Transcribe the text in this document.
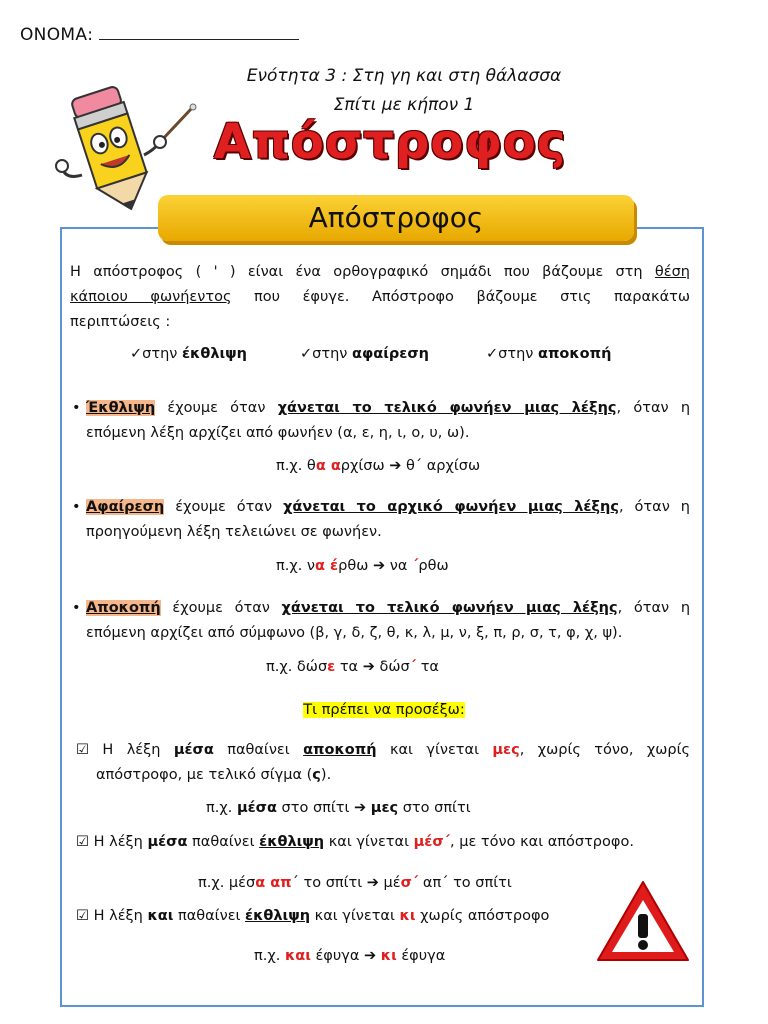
ΟΝΟΜΑ:
Ενότητα 3 : Στη γη και στη θάλασσα
Σπίτι με κήπον 1
Απόστροφος
Απόστροφος
Η απόστροφος ( ' ) είναι ένα ορθογραφικό σημάδι που βάζουμε στη θέση
κάποιου φωνήεντος που έφυγε. Απόστροφο βάζουμε στις παρακάτω
περιπτώσεις :
✓στην έκθλιψη	✓στην αφαίρεση	✓στην αποκοπή
• Έκθλιψη έχουμε όταν χάνεται το τελικό φωνήεν μιας λέξης, όταν η
επόμενη λέξη αρχίζει από φωνήεν (α, ε, η, ι, ο, υ, ω).
π.χ. θα αρχίσω ➔ θ΄ αρχίσω
• Αφαίρεση έχουμε όταν χάνεται το αρχικό φωνήεν μιας λέξης, όταν η
προηγούμενη λέξη τελειώνει σε φωνήεν.
π.χ. να έρθω ➔ να ΄ρθω
• Αποκοπή έχουμε όταν χάνεται το τελικό φωνήεν μιας λέξης, όταν η
επόμενη αρχίζει από σύμφωνο (β, γ, δ, ζ, θ, κ, λ, μ, ν, ξ, π, ρ, σ, τ, φ, χ, ψ).
π.χ. δώσε τα ➔ δώσ΄ τα
Τι πρέπει να προσέξω:
☑ Η λέξη μέσα παθαίνει αποκοπή και γίνεται μες, χωρίς τόνο, χωρίς
απόστροφο, με τελικό σίγμα (ς).
π.χ. μέσα στο σπίτι ➔ μες στο σπίτι
☑ Η λέξη μέσα παθαίνει έκθλιψη και γίνεται μέσ΄, με τόνο και απόστροφο.
π.χ. μέσα απ΄ το σπίτι ➔ μέσ΄ απ΄ το σπίτι
☑ Η λέξη και παθαίνει έκθλιψη και γίνεται κι χωρίς απόστροφο
π.χ. και έφυγα ➔ κι έφυγα
